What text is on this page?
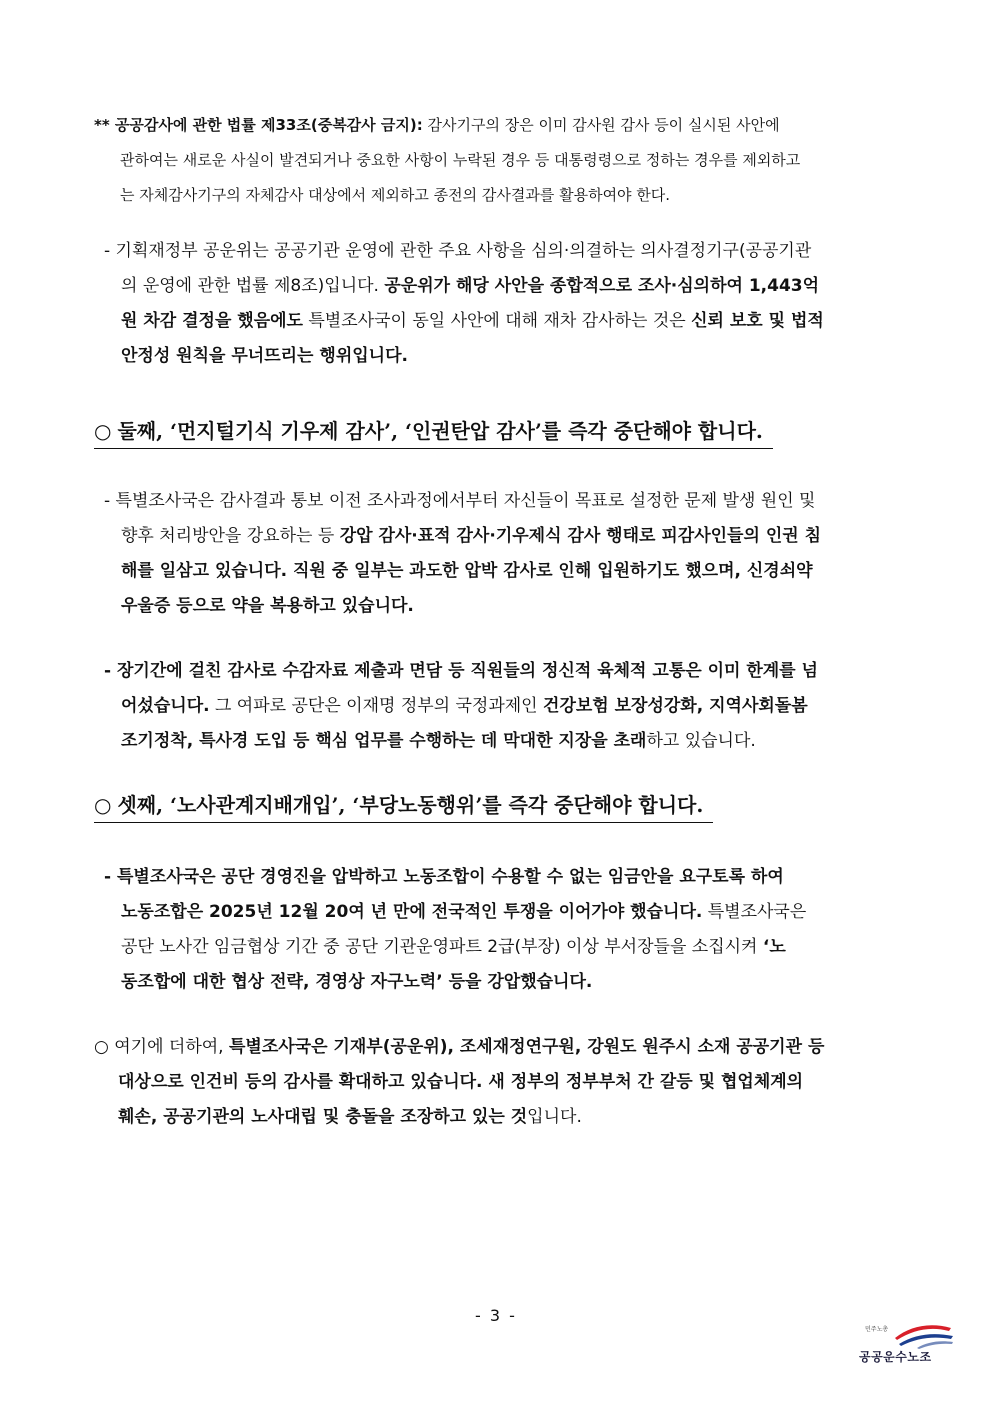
** 공공감사에 관한 법률 제33조(중복감사 금지): 감사기구의 장은 이미 감사원 감사 등이 실시된 사안에
관하여는 새로운 사실이 발견되거나 중요한 사항이 누락된 경우 등 대통령령으로 정하는 경우를 제외하고
는 자체감사기구의 자체감사 대상에서 제외하고 종전의 감사결과를 활용하여야 한다.
- 기획재정부 공운위는 공공기관 운영에 관한 주요 사항을 심의·의결하는 의사결정기구(공공기관
의 운영에 관한 법률 제8조)입니다. 공운위가 해당 사안을 종합적으로 조사·심의하여 1,443억
원 차감 결정을 했음에도 특별조사국이 동일 사안에 대해 재차 감사하는 것은 신뢰 보호 및 법적
안정성 원칙을 무너뜨리는 행위입니다.
○ 둘째, ‘먼지털기식 기우제 감사’, ‘인권탄압 감사’를 즉각 중단해야 합니다.
- 특별조사국은 감사결과 통보 이전 조사과정에서부터 자신들이 목표로 설정한 문제 발생 원인 및
향후 처리방안을 강요하는 등 강압 감사·표적 감사·기우제식 감사 행태로 피감사인들의 인권 침
해를 일삼고 있습니다. 직원 중 일부는 과도한 압박 감사로 인해 입원하기도 했으며, 신경쇠약
우울증 등으로 약을 복용하고 있습니다.
- 장기간에 걸친 감사로 수감자료 제출과 면담 등 직원들의 정신적 육체적 고통은 이미 한계를 넘
어섰습니다. 그 여파로 공단은 이재명 정부의 국정과제인 건강보험 보장성강화, 지역사회돌봄
조기정착, 특사경 도입 등 핵심 업무를 수행하는 데 막대한 지장을 초래하고 있습니다.
○ 셋째, ‘노사관계지배개입’, ‘부당노동행위’를 즉각 중단해야 합니다.
- 특별조사국은 공단 경영진을 압박하고 노동조합이 수용할 수 없는 임금안을 요구토록 하여
노동조합은 2025년 12월 20여 년 만에 전국적인 투쟁을 이어가야 했습니다. 특별조사국은
공단 노사간 임금협상 기간 중 공단 기관운영파트 2급(부장) 이상 부서장들을 소집시켜 ‘노
동조합에 대한 협상 전략, 경영상 자구노력’ 등을 강압했습니다.
○ 여기에 더하여, 특별조사국은 기재부(공운위), 조세재정연구원, 강원도 원주시 소재 공공기관 등
대상으로 인건비 등의 감사를 확대하고 있습니다. 새 정부의 정부부처 간 갈등 및 협업체계의
훼손, 공공기관의 노사대립 및 충돌을 조장하고 있는 것입니다.
- 3 -
민주노총
공공운수노조
